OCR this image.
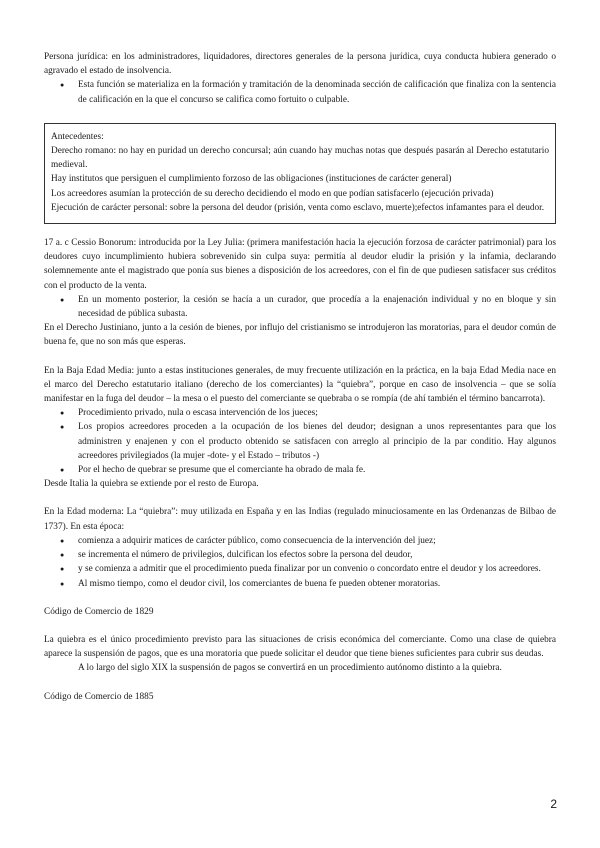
Persona jurídica: en los administradores, liquidadores, directores generales de la persona jurídica, cuya conducta hubiera generado o agravado el estado de insolvencia.

● Esta función se materializa en la formación y tramitación de la denominada sección de calificación que finaliza con la sentencia de calificación en la que el concurso se califica como fortuito o culpable.

Antecedentes:

Derecho romano: no hay en puridad un derecho concursal; aún cuando hay muchas notas que después pasarán al Derecho estatutario medieval.

Hay institutos que persiguen el cumplimiento forzoso de las obligaciones (instituciones de carácter general)

Los acreedores asumían la protección de su derecho decidiendo el modo en que podían satisfacerlo (ejecución privada)

Ejecución de carácter personal: sobre la persona del deudor (prisión, venta como esclavo, muerte);efectos infamantes para el deudor.

17 a. c Cessio Bonorum: introducida por la Ley Julia: (primera manifestación hacia la ejecución forzosa de carácter patrimonial) para los deudores cuyo incumplimiento hubiera sobrevenido sin culpa suya: permitía al deudor eludir la prisión y la infamia, declarando solemnemente ante el magistrado que ponía sus bienes a disposición de los acreedores, con el fin de que pudiesen satisfacer sus créditos con el producto de la venta.

● En un momento posterior, la cesión se hacía a un curador, que procedía a la enajenación individual y no en bloque y sin necesidad de pública subasta.

En el Derecho Justiniano, junto a la cesión de bienes, por influjo del cristianismo se introdujeron las moratorias, para el deudor común de buena fe, que no son más que esperas.

En la Baja Edad Media: junto a estas instituciones generales, de muy frecuente utilización en la práctica, en la baja Edad Media nace en el marco del Derecho estatutario italiano (derecho de los comerciantes) la “quiebra”, porque en caso de insolvencia – que se solía manifestar en la fuga del deudor – la mesa o el puesto del comerciante se quebraba o se rompía (de ahí también el término bancarrota).

● Procedimiento privado, nula o escasa intervención de los jueces;
● Los propios acreedores proceden a la ocupación de los bienes del deudor; designan a unos representantes para que los administren y enajenen y con el producto obtenido se satisfacen con arreglo al principio de la par conditio. Hay algunos acreedores privilegiados (la mujer -dote- y el Estado – tributos -)
● Por el hecho de quebrar se presume que el comerciante ha obrado de mala fe.

Desde Italia la quiebra se extiende por el resto de Europa.

En la Edad moderna: La “quiebra”: muy utilizada en España y en las Indias (regulado minuciosamente en las Ordenanzas de Bilbao de 1737). En esta época:

● comienza a adquirir matices de carácter público, como consecuencia de la intervención del juez;
● se incrementa el número de privilegios, dulcifican los efectos sobre la persona del deudor,
● y se comienza a admitir que el procedimiento pueda finalizar por un convenio o concordato entre el deudor y los acreedores.
● Al mismo tiempo, como el deudor civil, los comerciantes de buena fe pueden obtener moratorias.

Código de Comercio de 1829

La quiebra es el único procedimiento previsto para las situaciones de crisis económica del comerciante. Como una clase de quiebra aparece la suspensión de pagos, que es una moratoria que puede solicitar el deudor que tiene bienes suficientes para cubrir sus deudas.

A lo largo del siglo XIX la suspensión de pagos se convertirá en un procedimiento autónomo distinto a la quiebra.

Código de Comercio de 1885

2
